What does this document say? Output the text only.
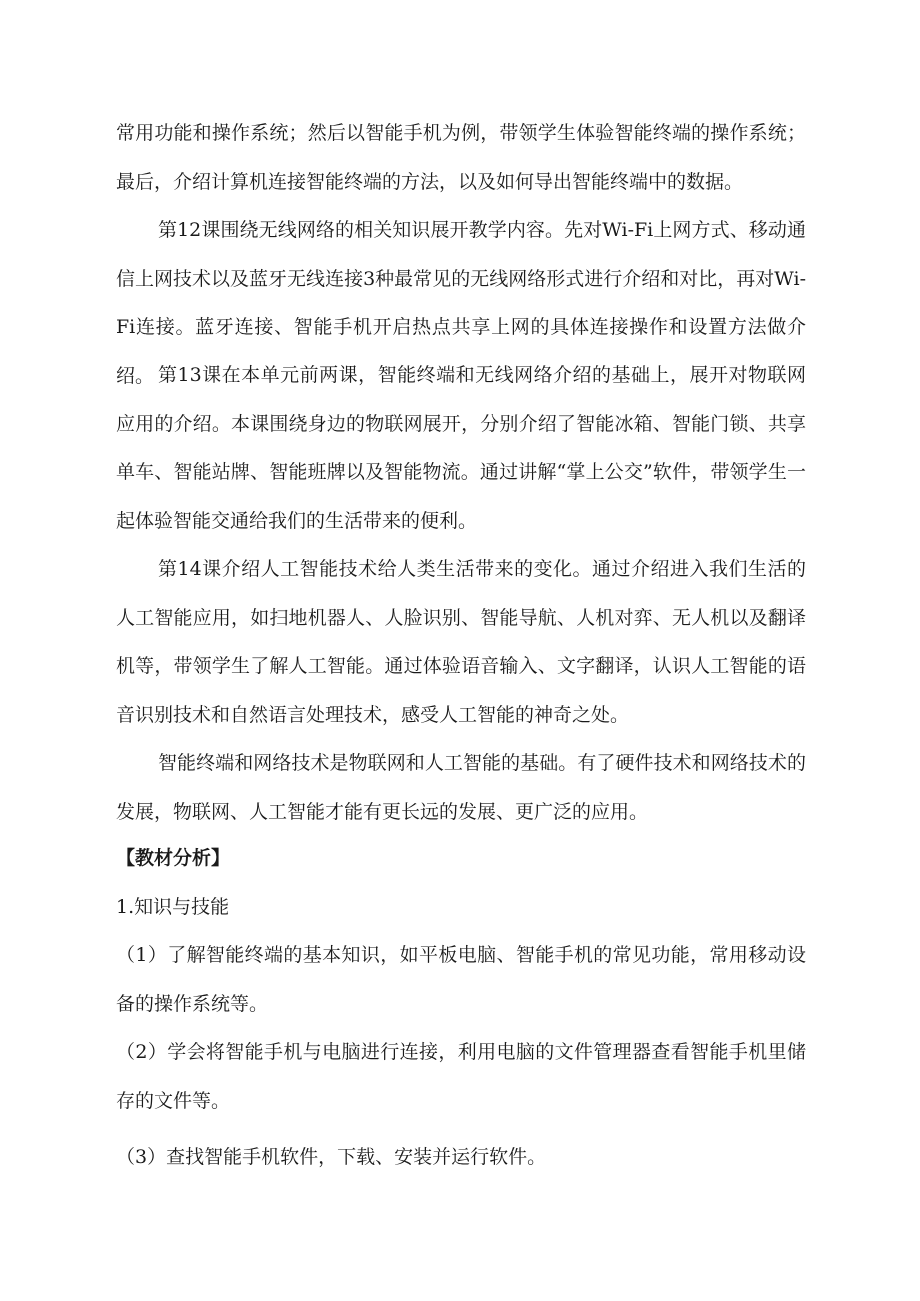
常用功能和操作系统；然后以智能手机为例，带领学生体验智能终端的操作系统；最后，介绍计算机连接智能终端的方法，以及如何导出智能终端中的数据。

第12课围绕无线网络的相关知识展开教学内容。先对Wi-Fi上网方式、移动通信上网技术以及蓝牙无线连接3种最常见的无线网络形式进行介绍和对比，再对Wi-Fi连接。蓝牙连接、智能手机开启热点共享上网的具体连接操作和设置方法做介绍。 第13课在本单元前两课，智能终端和无线网络介绍的基础上，展开对物联网应用的介绍。本课围绕身边的物联网展开，分别介绍了智能冰箱、智能门锁、共享单车、智能站牌、智能班牌以及智能物流。通过讲解“掌上公交”软件，带领学生一起体验智能交通给我们的生活带来的便利。

第14课介绍人工智能技术给人类生活带来的变化。通过介绍进入我们生活的人工智能应用，如扫地机器人、人脸识别、智能导航、人机对弈、无人机以及翻译机等，带领学生了解人工智能。通过体验语音输入、文字翻译，认识人工智能的语音识别技术和自然语言处理技术，感受人工智能的神奇之处。

智能终端和网络技术是物联网和人工智能的基础。有了硬件技术和网络技术的发展，物联网、人工智能才能有更长远的发展、更广泛的应用。

【教材分析】

1.知识与技能

（1）了解智能终端的基本知识，如平板电脑、智能手机的常见功能，常用移动设备的操作系统等。

（2）学会将智能手机与电脑进行连接，利用电脑的文件管理器查看智能手机里储存的文件等。

（3）查找智能手机软件，下载、安装并运行软件。
